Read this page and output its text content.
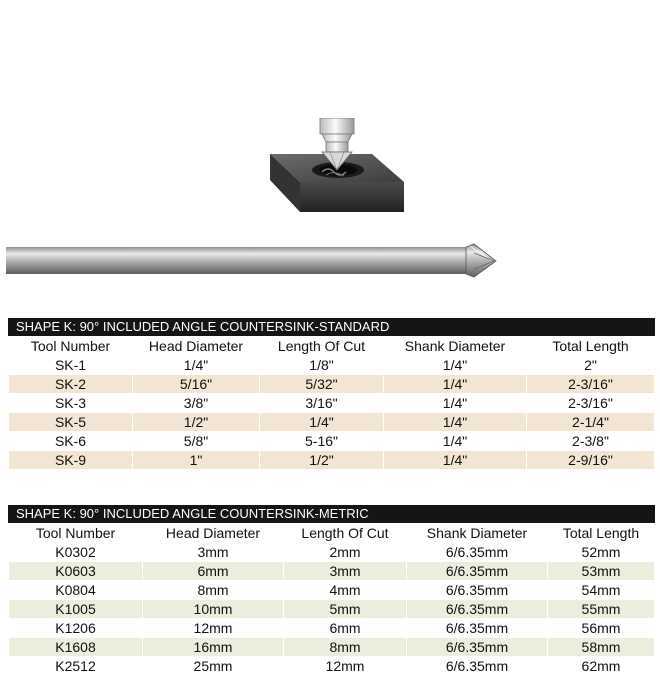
SHAPE K: 90° INCLUDED ANGLE COUNTERSINK-STANDARD
Tool Number	Head Diameter	Length Of Cut	Shank Diameter	Total Length
SK-1	1/4"	1/8"	1/4"	2"
SK-2	5/16"	5/32"	1/4"	2-3/16"
SK-3	3/8"	3/16"	1/4"	2-3/16"
SK-5	1/2"	1/4"	1/4"	2-1/4"
SK-6	5/8"	5-16"	1/4"	2-3/8"
SK-9	1"	1/2"	1/4"	2-9/16"
SHAPE K: 90° INCLUDED ANGLE COUNTERSINK-METRIC
Tool Number	Head Diameter	Length Of Cut	Shank Diameter	Total Length
K0302	3mm	2mm	6/6.35mm	52mm
K0603	6mm	3mm	6/6.35mm	53mm
K0804	8mm	4mm	6/6.35mm	54mm
K1005	10mm	5mm	6/6.35mm	55mm
K1206	12mm	6mm	6/6.35mm	56mm
K1608	16mm	8mm	6/6.35mm	58mm
K2512	25mm	12mm	6/6.35mm	62mm
